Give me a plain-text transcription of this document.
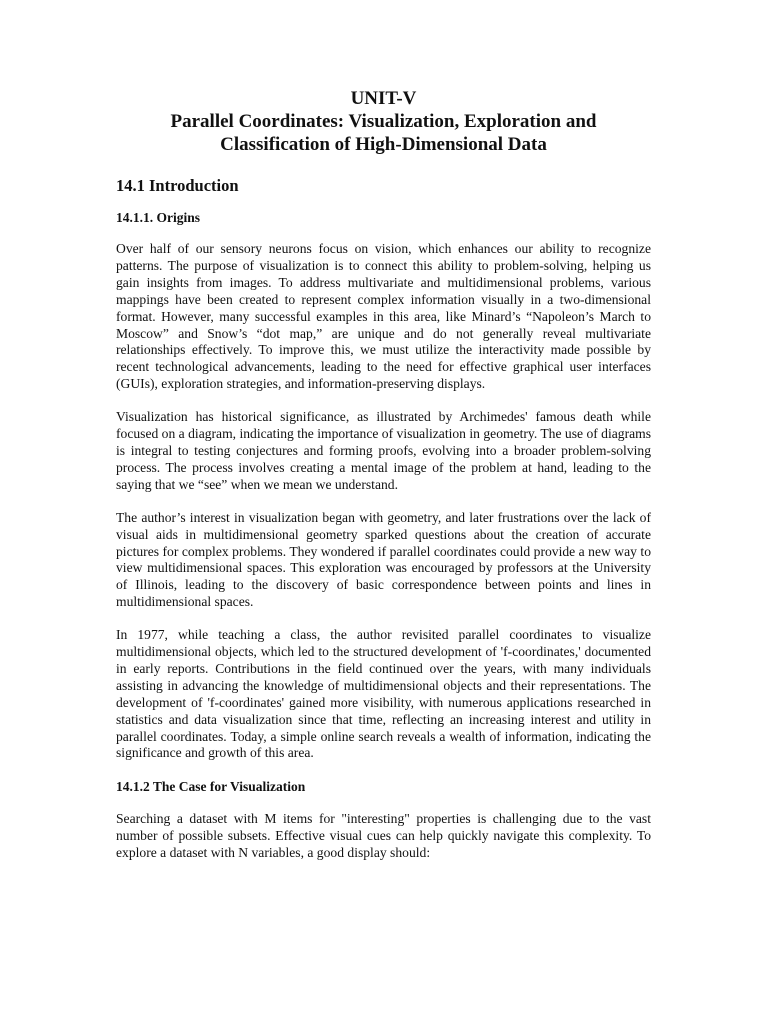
UNIT-V
Parallel Coordinates: Visualization, Exploration and Classification of High-Dimensional Data
14.1 Introduction
14.1.1. Origins

Over half of our sensory neurons focus on vision, which enhances our ability to recognize patterns. The purpose of visualization is to connect this ability to problem-solving, helping us gain insights from images. To address multivariate and multidimensional problems, various mappings have been created to represent complex information visually in a two-dimensional format. However, many successful examples in this area, like Minard’s “Napoleon’s March to Moscow” and Snow’s “dot map,” are unique and do not generally reveal multivariate relationships effectively. To improve this, we must utilize the interactivity made possible by recent technological advancements, leading to the need for effective graphical user interfaces (GUIs), exploration strategies, and information-preserving displays.

Visualization has historical significance, as illustrated by Archimedes' famous death while focused on a diagram, indicating the importance of visualization in geometry. The use of diagrams is integral to testing conjectures and forming proofs, evolving into a broader problem-solving process. The process involves creating a mental image of the problem at hand, leading to the saying that we “see” when we mean we understand.

The author’s interest in visualization began with geometry, and later frustrations over the lack of visual aids in multidimensional geometry sparked questions about the creation of accurate pictures for complex problems. They wondered if parallel coordinates could provide a new way to view multidimensional spaces. This exploration was encouraged by professors at the University of Illinois, leading to the discovery of basic correspondence between points and lines in multidimensional spaces.

In 1977, while teaching a class, the author revisited parallel coordinates to visualize multidimensional objects, which led to the structured development of 'f-coordinates,' documented in early reports. Contributions in the field continued over the years, with many individuals assisting in advancing the knowledge of multidimensional objects and their representations. The development of 'f-coordinates' gained more visibility, with numerous applications researched in statistics and data visualization since that time, reflecting an increasing interest and utility in parallel coordinates. Today, a simple online search reveals a wealth of information, indicating the significance and growth of this area.

14.1.2 The Case for Visualization

Searching a dataset with M items for "interesting" properties is challenging due to the vast number of possible subsets. Effective visual cues can help quickly navigate this complexity. To explore a dataset with N variables, a good display should:
